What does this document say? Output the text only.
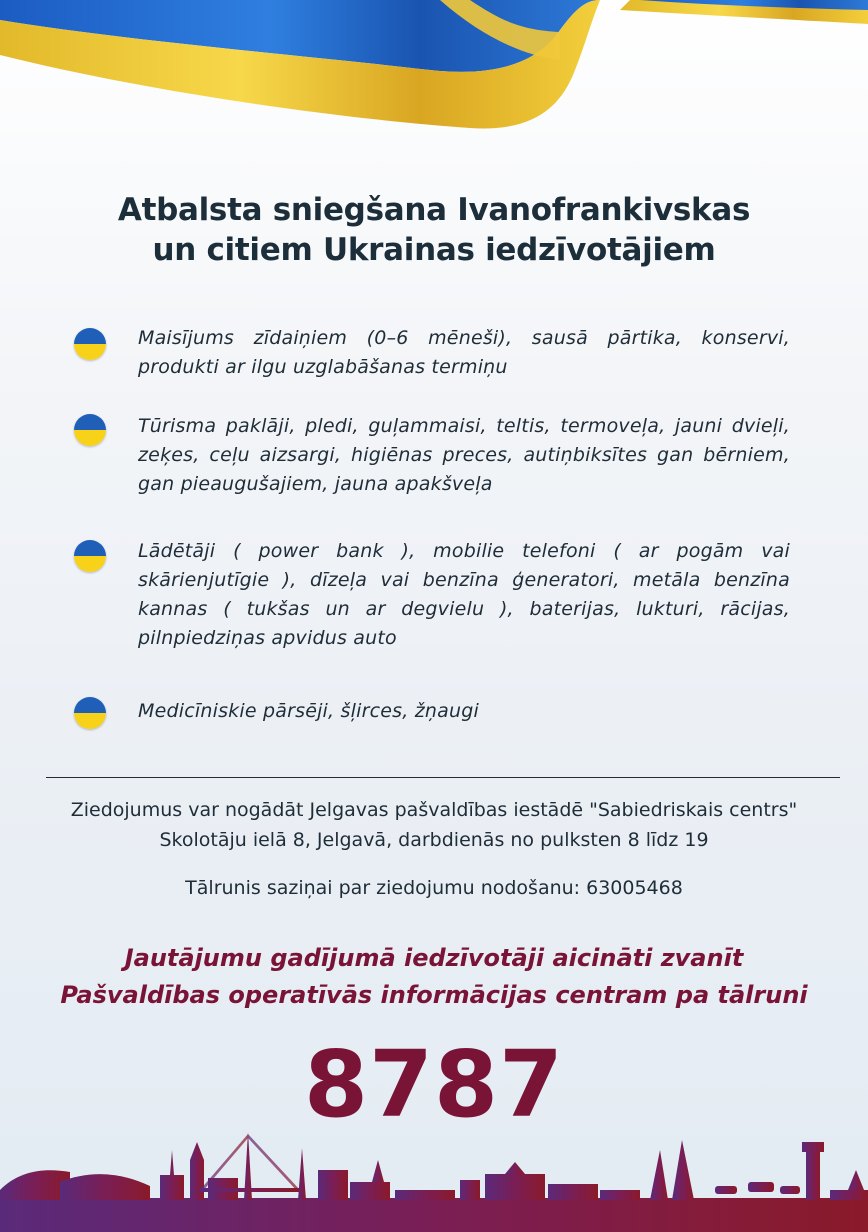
Atbalsta sniegšana Ivanofrankivskas
un citiem Ukrainas iedzīvotājiem
Maisījums zīdaiņiem (0–6 mēneši), sausā pārtika, konservi, produkti ar ilgu uzglabāšanas termiņu
Tūrisma paklāji, pledi, guļammaisi, teltis, termoveļa, jauni dvieļi, zeķes, ceļu aizsargi, higiēnas preces, autiņbiksītes gan bērniem, gan pieaugušajiem, jauna apakšveļa
Lādētāji ( power bank ), mobilie telefoni ( ar pogām vai skārienjutīgie ), dīzeļa vai benzīna ģeneratori, metāla benzīna kannas ( tukšas un ar degvielu ), baterijas, lukturi, rācijas, pilnpiedziņas apvidus auto
Medicīniskie pārsēji, šļirces, žņaugi
Ziedojumus var nogādāt Jelgavas pašvaldības iestādē "Sabiedriskais centrs"
Skolotāju ielā 8, Jelgavā, darbdienās no pulksten 8 līdz 19
Tālrunis saziņai par ziedojumu nodošanu: 63005468
Jautājumu gadījumā iedzīvotāji aicināti zvanīt
Pašvaldības operatīvās informācijas centram pa tālruni
8787
